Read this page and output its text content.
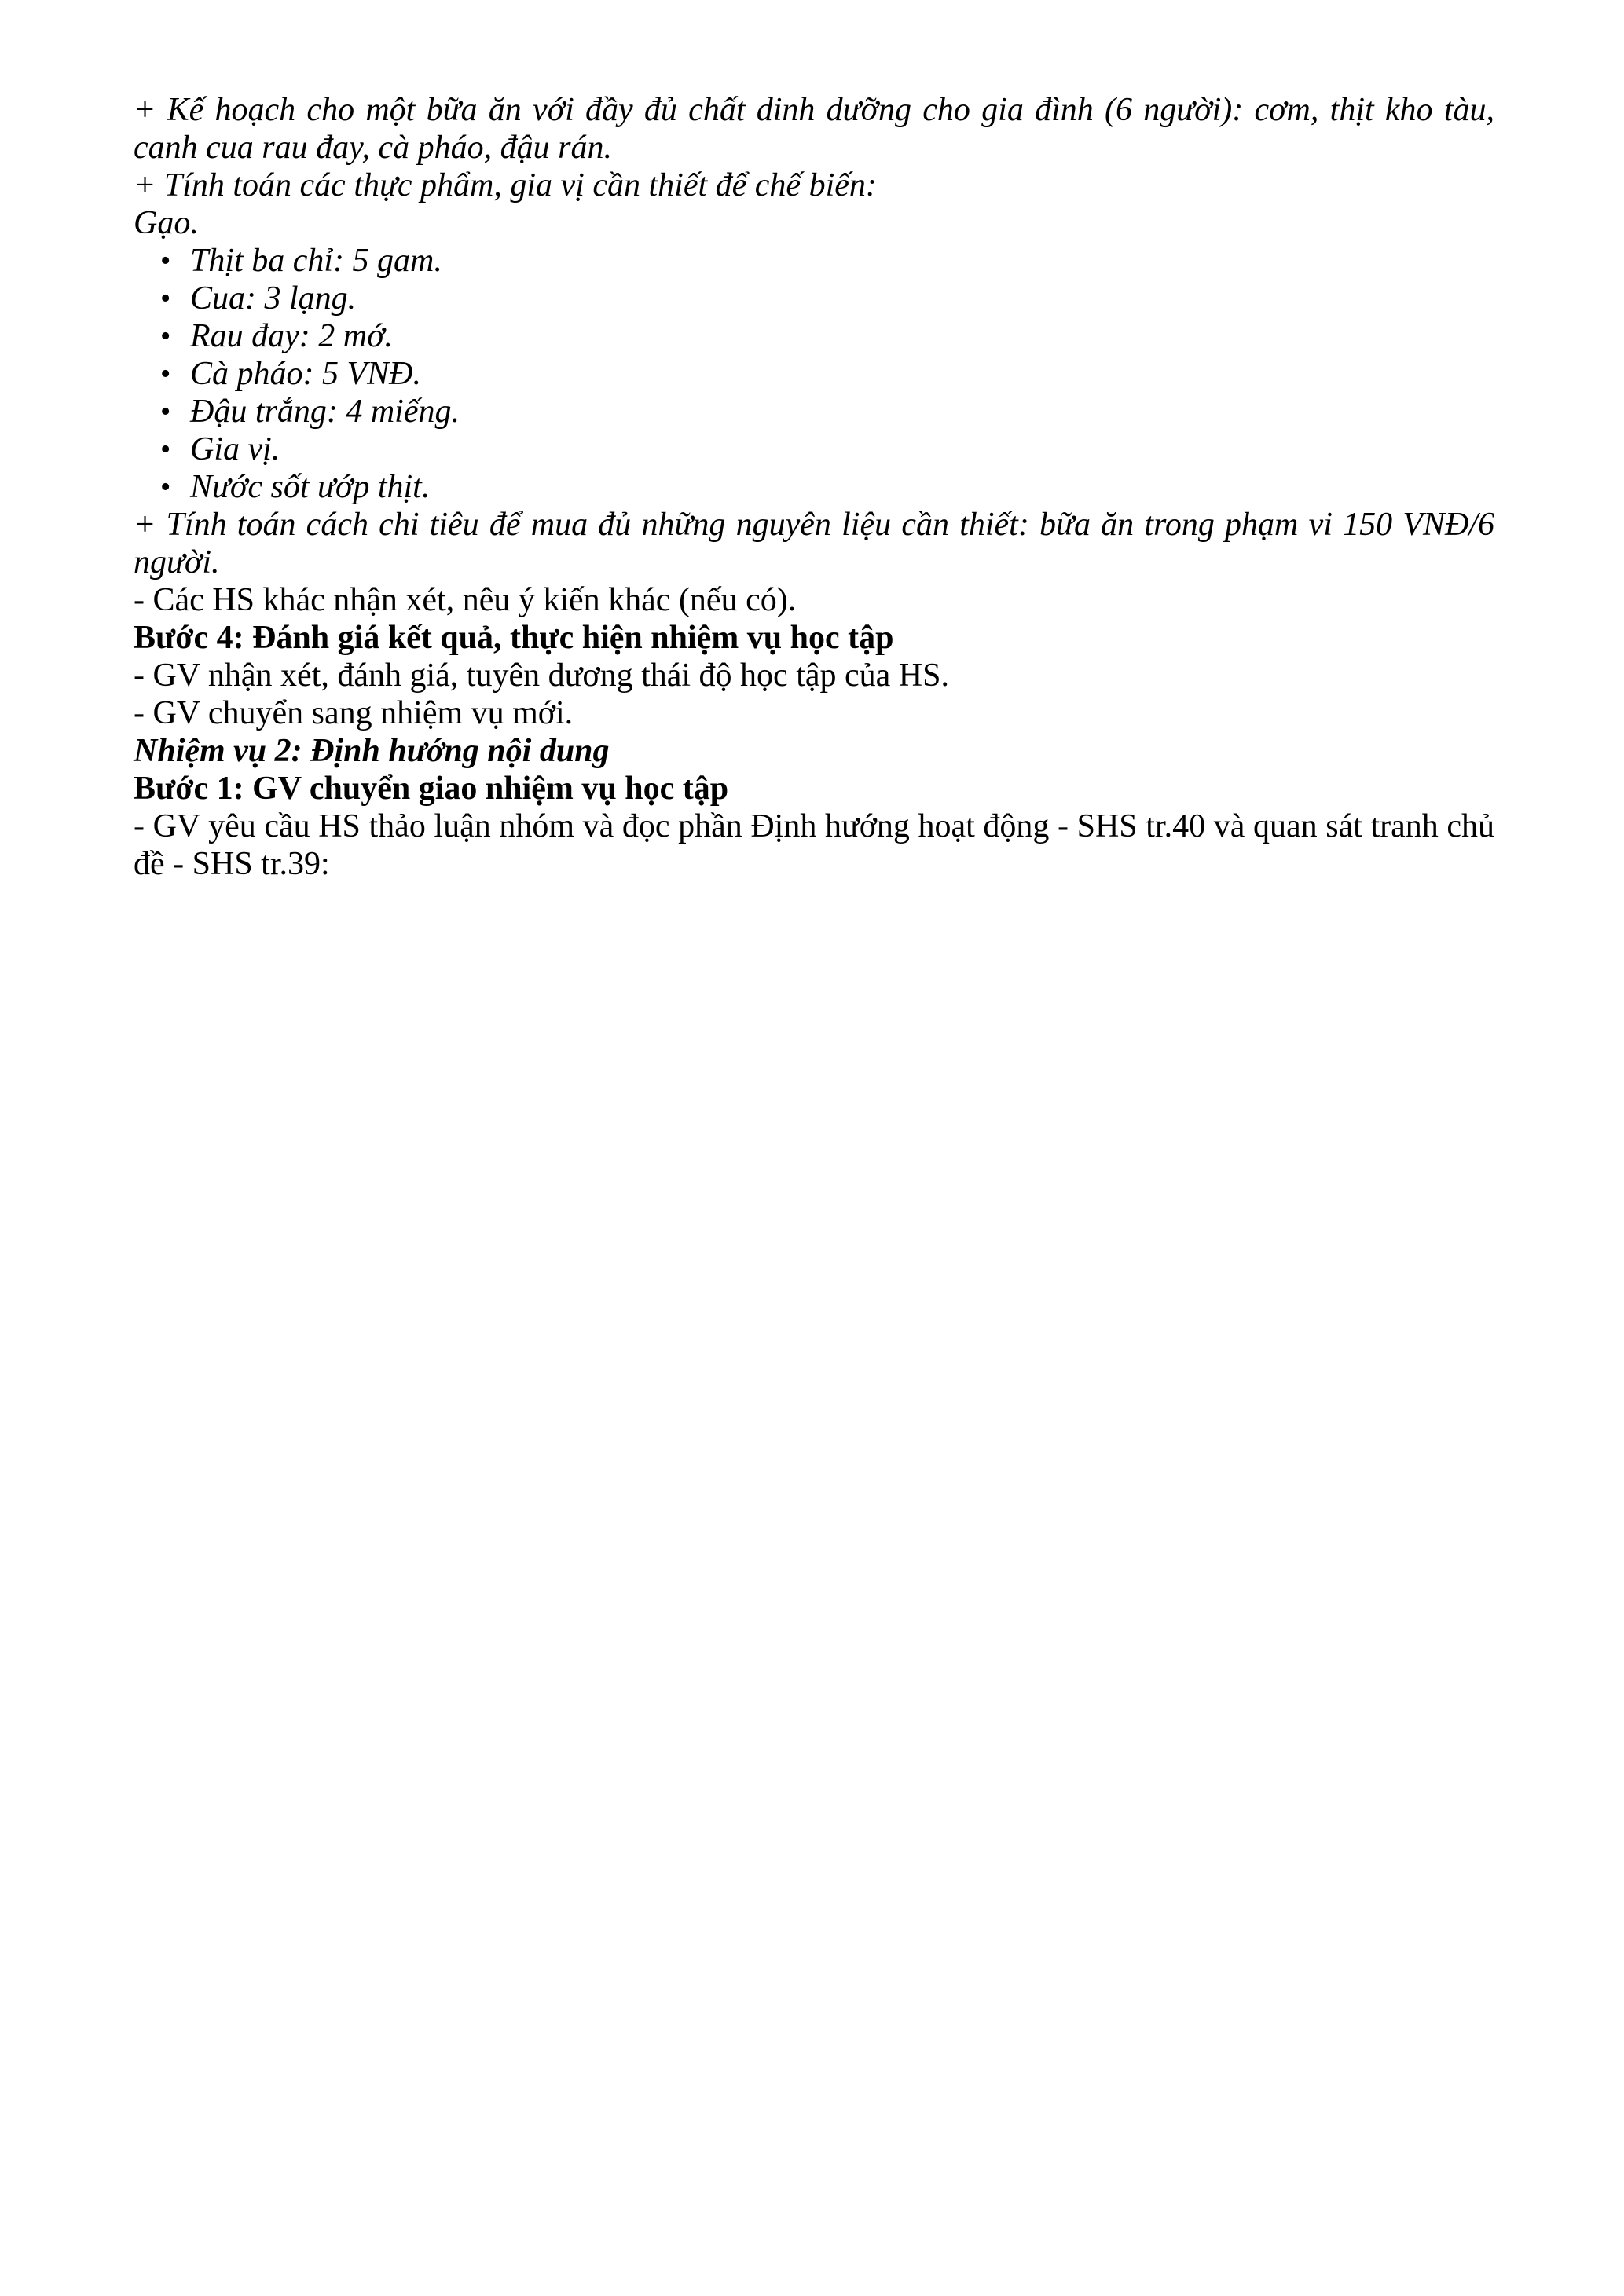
+ Kế hoạch cho một bữa ăn với đầy đủ chất dinh dưỡng cho gia đình (6 người): cơm, thịt kho tàu, canh cua rau đay, cà pháo, đậu rán.

+ Tính toán các thực phẩm, gia vị cần thiết để chế biến:

Gạo.

• Thịt ba chỉ: 5 gam.
• Cua: 3 lạng.
• Rau đay: 2 mớ.
• Cà pháo: 5 VNĐ.
• Đậu trắng: 4 miếng.
• Gia vị.
• Nước sốt ướp thịt.

+ Tính toán cách chi tiêu để mua đủ những nguyên liệu cần thiết: bữa ăn trong phạm vi 150 VNĐ/6 người.

- Các HS khác nhận xét, nêu ý kiến khác (nếu có).

Bước 4: Đánh giá kết quả, thực hiện nhiệm vụ học tập

- GV nhận xét, đánh giá, tuyên dương thái độ học tập của HS.

- GV chuyển sang nhiệm vụ mới.

Nhiệm vụ 2: Định hướng nội dung

Bước 1: GV chuyển giao nhiệm vụ học tập

- GV yêu cầu HS thảo luận nhóm và đọc phần Định hướng hoạt động - SHS tr.40 và quan sát tranh chủ đề - SHS tr.39:
